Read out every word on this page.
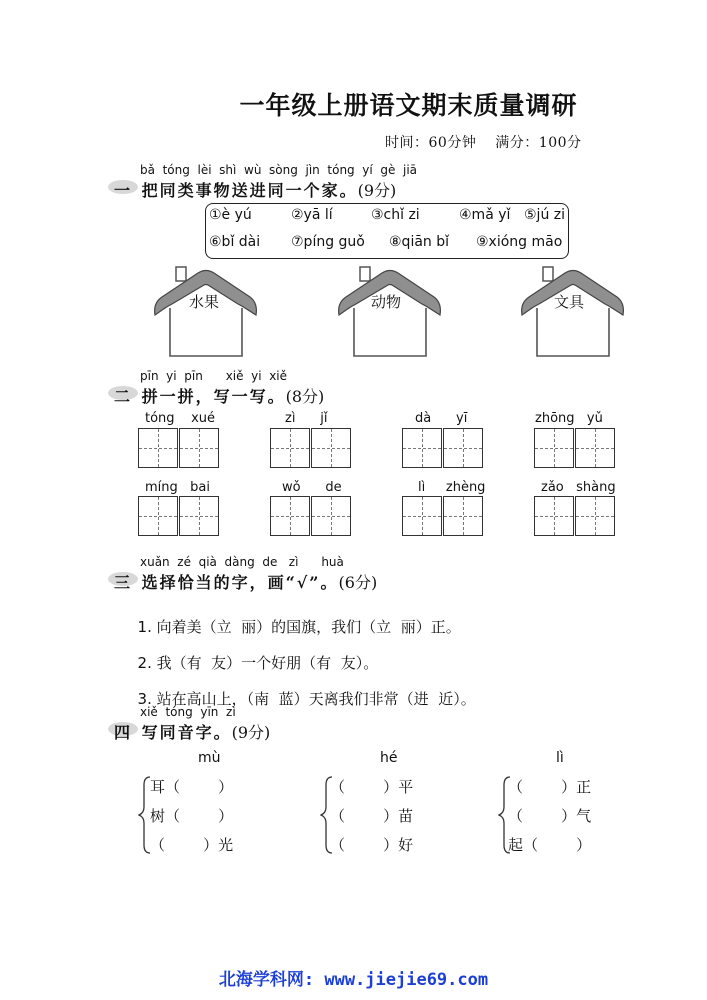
一年级上册语文期末质量调研
时间：60分钟 满分：100分
bǎ  tóng  lèi  shì  wù  sòng  jìn  tóng  yí  gè  jiā
一 把同类事物送进同一个家。(9分)
①è yú	②yā lí	③chǐ zi	④mǎ yǐ ⑤jú zi
⑥bǐ dài ⑦píng guǒ ⑧qiān bǐ ⑨xióng māo
水果	动物	文具
pīn  yi  pīn      xiě  yi  xiě
二 拼一拼，写一写。(8分)
tóng    xué	zì      jǐ	dà      yī	zhōng   yǔ
míng   bai	wǒ      de	lì     zhèng	zǎo   shàng
xuǎn  zé  qià  dàng  de   zì      huà
三 选择恰当的字，画“√”。(6分)

1. 向着美（立  丽）的国旗，我们（立  丽）正。

2. 我（有  友）一个好朋（有  友）。

3. 站在高山上，（南  蓝）天离我们非常（进  近）。

xiě  tóng  yīn  zì
四 写同音字。(9分)
mù
耳（        ）
树（        ）
（        ）光
hé
（        ）平
（        ）苗
（        ）好
lì
（        ）正
（        ）气
起（        ）
北海学科网: www.jiejie69.com
